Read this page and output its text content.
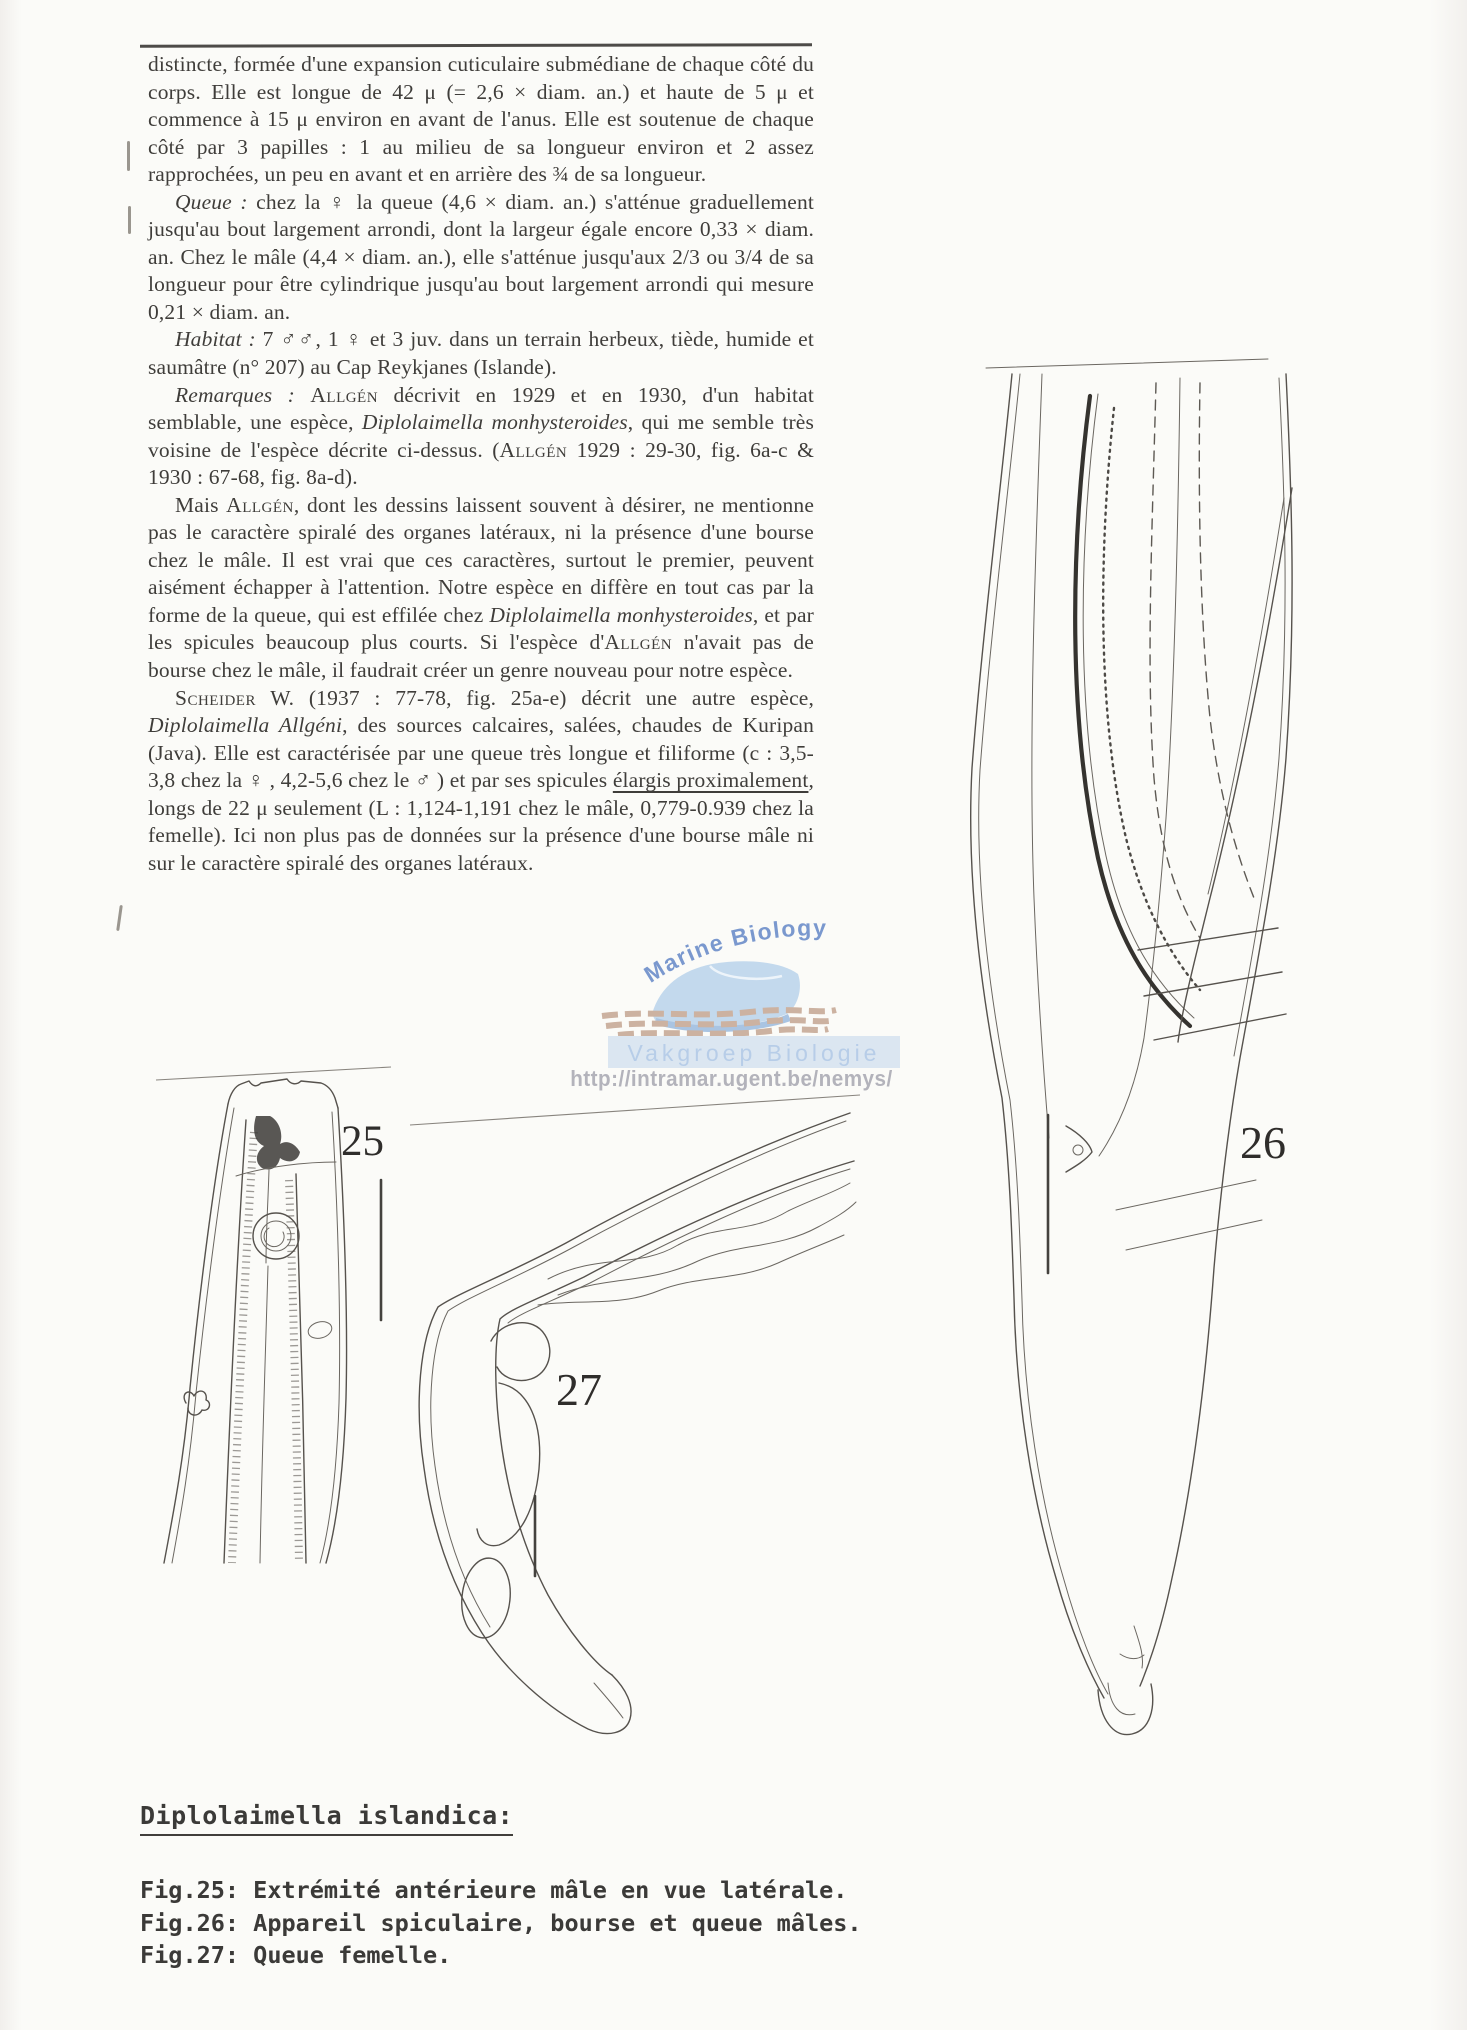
Marine Biology
Vakgroep Biologie
http://intramar.ugent.be/nemys/

distincte, formée d'une expansion cuticulaire submédiane de chaque côté du corps. Elle est longue de 42 μ (= 2,6 × diam. an.) et haute de 5 μ et commence à 15 μ environ en avant de l'anus. Elle est soutenue de chaque côté par 3 papilles : 1 au milieu de sa longueur environ et 2 assez rapprochées, un peu en avant et en arrière des ¾ de sa longueur.

Queue : chez la ♀ la queue (4,6 × diam. an.) s'atténue graduellement jusqu'au bout largement arrondi, dont la largeur égale encore 0,33 × diam. an. Chez le mâle (4,4 × diam. an.), elle s'atténue jusqu'aux 2/3 ou 3/4 de sa longueur pour être cylindrique jusqu'au bout largement arrondi qui mesure 0,21 × diam. an.

Habitat : 7 ♂♂, 1 ♀ et 3 juv. dans un terrain herbeux, tiède, humide et saumâtre (n° 207) au Cap Reykjanes (Islande).

Remarques : Allgén décrivit en 1929 et en 1930, d'un habitat semblable, une espèce, Diplolaimella monhysteroides, qui me semble très voisine de l'espèce décrite ci-dessus. (Allgén 1929 : 29-30, fig. 6a-c & 1930 : 67-68, fig. 8a-d).

Mais Allgén, dont les dessins laissent souvent à désirer, ne mentionne pas le caractère spiralé des organes latéraux, ni la présence d'une bourse chez le mâle. Il est vrai que ces caractères, surtout le premier, peuvent aisément échapper à l'attention. Notre espèce en diffère en tout cas par la forme de la queue, qui est effilée chez Diplolaimella monhysteroides, et par les spicules beaucoup plus courts. Si l'espèce d'Allgén n'avait pas de bourse chez le mâle, il faudrait créer un genre nouveau pour notre espèce.

Scheider W. (1937 : 77-78, fig. 25a-e) décrit une autre espèce, Diplolaimella Allgéni, des sources calcaires, salées, chaudes de Kuripan (Java). Elle est caractérisée par une queue très longue et filiforme (c : 3,5-3,8 chez la ♀ , 4,2-5,6 chez le ♂ ) et par ses spicules élargis proximalement, longs de 22 μ seulement (L : 1,124-1,191 chez le mâle, 0,779-0.939 chez la femelle). Ici non plus pas de données sur la présence d'une bourse mâle ni sur le caractère spiralé des organes latéraux.

25
27
26
Diplolaimella islandica:
Fig.25: Extrémité antérieure mâle en vue latérale.
Fig.26: Appareil spiculaire, bourse et queue mâles.
Fig.27: Queue femelle.
